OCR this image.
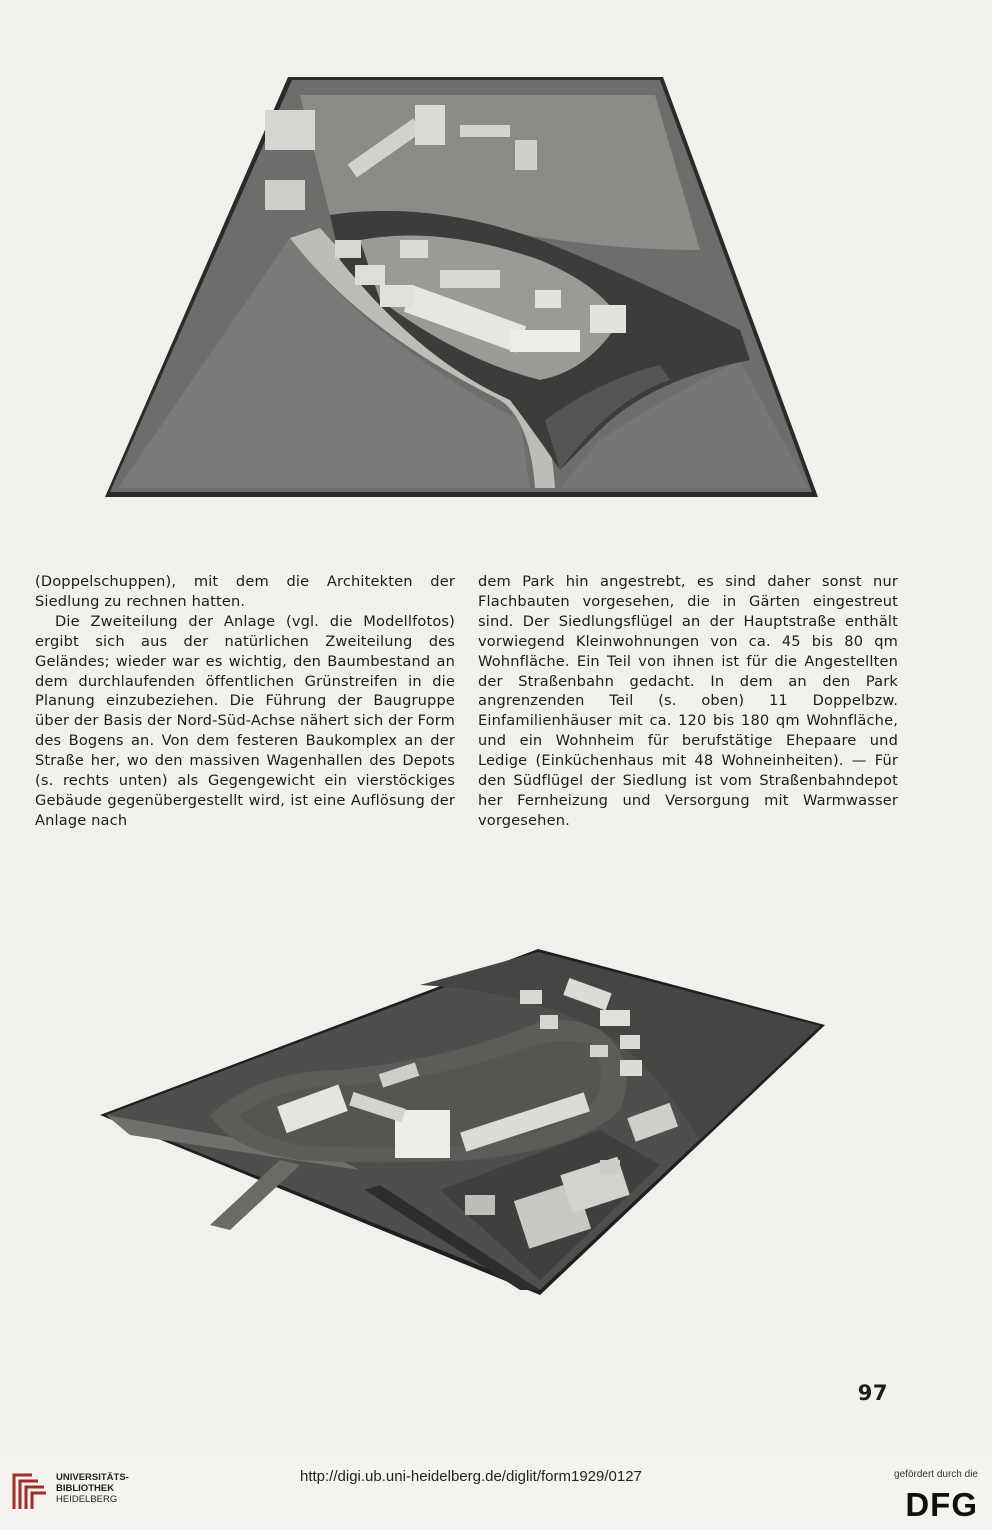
(Doppelschuppen), mit dem die Architekten der Siedlung zu rechnen hatten.

Die Zweiteilung der Anlage (vgl. die Modellfotos) ergibt sich aus der natürlichen Zweiteilung des Geländes; wieder war es wichtig, den Baumbestand an dem durchlaufenden öffentlichen Grünstreifen in die Planung einzubeziehen. Die Führung der Baugruppe über der Basis der Nord-Süd-Achse nähert sich der Form des Bogens an. Von dem festeren Baukomplex an der Straße her, wo den massiven Wagenhallen des Depots (s. rechts unten) als Gegengewicht ein vierstöckiges Gebäude gegenübergestellt wird, ist eine Auflösung der Anlage nach

dem Park hin angestrebt, es sind daher sonst nur Flachbauten vorgesehen, die in Gärten eingestreut sind. Der Siedlungsflügel an der Hauptstraße enthält vorwiegend Kleinwohnungen von ca. 45 bis 80 qm Wohnfläche. Ein Teil von ihnen ist für die Angestellten der Straßenbahn gedacht. In dem an den Park angrenzenden Teil (s. oben) 11 Doppelbzw. Einfamilienhäuser mit ca. 120 bis 180 qm Wohnfläche, und ein Wohnheim für berufstätige Ehepaare und Ledige (Einküchenhaus mit 48 Wohneinheiten). — Für den Südflügel der Siedlung ist vom Straßenbahndepot her Fernheizung und Versorgung mit Warmwasser vorgesehen.

97
UNIVERSITÄTS-
BIBLIOTHEK
HEIDELBERG
http://digi.ub.uni-heidelberg.de/diglit/form1929/0127	gefördert durch die
DFG
